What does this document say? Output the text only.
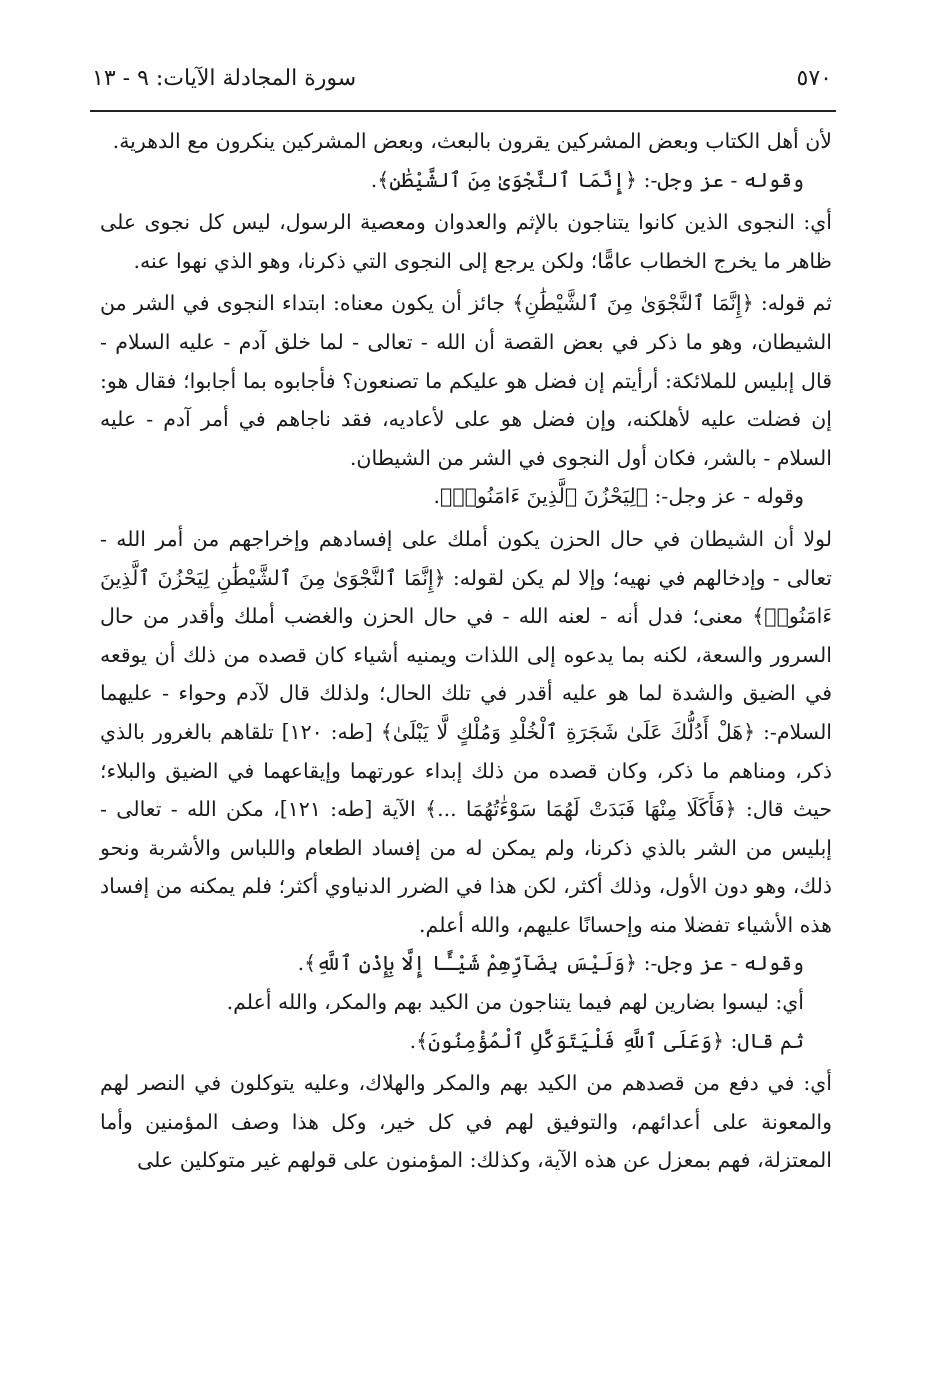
٥٧٠
سورة المجادلة الآيات: ٩ - ١٣

لأن أهل الكتاب وبعض المشركين يقرون بالبعث، وبعض المشركين ينكرون مع الدهرية.

وقوله - عز وجل-: ﴿إِنَّمَا ٱلنَّجْوَىٰ مِنَ ٱلشَّيْطَٰنِ﴾.

أي: النجوى الذين كانوا يتناجون بالإثم والعدوان ومعصية الرسول، ليس كل نجوى على ظاهر ما يخرج الخطاب عامًّا؛ ولكن يرجع إلى النجوى التي ذكرنا، وهو الذي نهوا عنه.

ثم قوله: ﴿إِنَّمَا ٱلنَّجْوَىٰ مِنَ ٱلشَّيْطَٰنِ﴾ جائز أن يكون معناه: ابتداء النجوى في الشر من الشيطان، وهو ما ذكر في بعض القصة أن الله - تعالى - لما خلق آدم - عليه السلام - قال إبليس للملائكة: أرأيتم إن فضل هو عليكم ما تصنعون؟ فأجابوه بما أجابوا؛ فقال هو: إن فضلت عليه لأهلكنه، وإن فضل هو على لأعاديه، فقد ناجاهم في أمر آدم - عليه السلام - بالشر، فكان أول النجوى في الشر من الشيطان.

وقوله - عز وجل-: ﴿لِيَحْزُنَ ٱلَّذِينَ ءَامَنُوا۟﴾.

لولا أن الشيطان في حال الحزن يكون أملك على إفسادهم وإخراجهم من أمر الله - تعالى - وإدخالهم في نهيه؛ وإلا لم يكن لقوله: ﴿إِنَّمَا ٱلنَّجْوَىٰ مِنَ ٱلشَّيْطَٰنِ لِيَحْزُنَ ٱلَّذِينَ ءَامَنُوا۟﴾ معنى؛ فدل أنه - لعنه الله - في حال الحزن والغضب أملك وأقدر من حال السرور والسعة، لكنه بما يدعوه إلى اللذات ويمنيه أشياء كان قصده من ذلك أن يوقعه في الضيق والشدة لما هو عليه أقدر في تلك الحال؛ ولذلك قال لآدم وحواء - عليهما السلام-: ﴿هَلْ أَدُلُّكَ عَلَىٰ شَجَرَةِ ٱلْخُلْدِ وَمُلْكٍ لَّا يَبْلَىٰ﴾ [طه: ١٢٠] تلقاهم بالغرور بالذي ذكر، ومناهم ما ذكر، وكان قصده من ذلك إبداء عورتهما وإيقاعهما في الضيق والبلاء؛ حيث قال: ﴿فَأَكَلَا مِنْهَا فَبَدَتْ لَهُمَا سَوْءَٰتُهُمَا ...﴾ الآية [طه: ١٢١]، مكن الله - تعالى - إبليس من الشر بالذي ذكرنا، ولم يمكن له من إفساد الطعام واللباس والأشربة ونحو ذلك، وهو دون الأول، وذلك أكثر، لكن هذا في الضرر الدنياوي أكثر؛ فلم يمكنه من إفساد هذه الأشياء تفضلا منه وإحسانًا عليهم، والله أعلم.

وقوله - عز وجل-: ﴿وَلَيْسَ بِضَآرِّهِمْ شَيْـًٔا إِلَّا بِإِذْنِ ٱللَّهِ﴾.

أي: ليسوا بضارين لهم فيما يتناجون من الكيد بهم والمكر، والله أعلم.

ثم قال: ﴿وَعَلَى ٱللَّهِ فَلْيَتَوَكَّلِ ٱلْمُؤْمِنُونَ﴾.

أي: في دفع من قصدهم من الكيد بهم والمكر والهلاك، وعليه يتوكلون في النصر لهم والمعونة على أعدائهم، والتوفيق لهم في كل خير، وكل هذا وصف المؤمنين وأما المعتزلة، فهم بمعزل عن هذه الآية، وكذلك: المؤمنون على قولهم غير متوكلين على
